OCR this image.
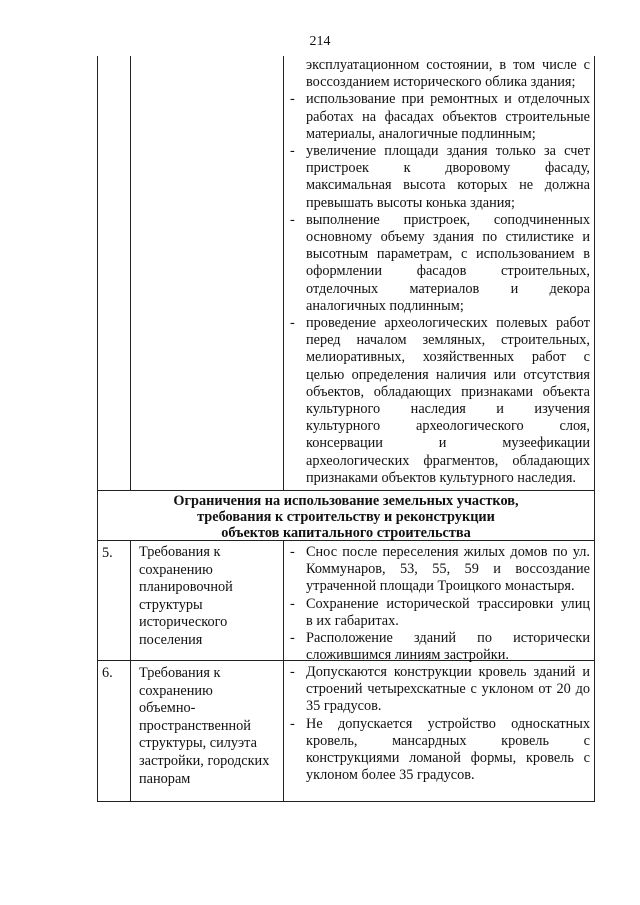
214
эксплуатационном состоянии, в том числе с
воссозданием исторического облика здания;
- использование при ремонтных и отделочных
работах на фасадах объектов строительные
материалы, аналогичные подлинным;
- увеличение площади здания только за счет
пристроек к дворовому фасаду,
максимальная высота которых не должна
превышать высоты конька здания;
- выполнение пристроек, соподчиненных
основному объему здания по стилистике и
высотным параметрам, с использованием в
оформлении фасадов строительных,
отделочных материалов и декора
аналогичных подлинным;
- проведение археологических полевых работ
перед началом земляных, строительных,
мелиоративных, хозяйственных работ с
целью определения наличия или отсутствия
объектов, обладающих признаками объекта
культурного наследия и изучения
культурного археологического слоя,
консервации и музеефикации
археологических фрагментов, обладающих
признаками объектов культурного наследия.
Ограничения на использование земельных участков,
требования к строительству и реконструкции
объектов капитального строительства
5. Требования к
сохранению
планировочной
структуры
исторического
поселения
- Снос после переселения жилых домов по ул.
Коммунаров, 53, 55, 59 и воссоздание
утраченной площади Троицкого монастыря.
- Сохранение исторической трассировки улиц
в их габаритах.
- Расположение зданий по исторически
сложившимся линиям застройки.
6. Требования к
сохранению
объемно-
пространственной
структуры, силуэта
застройки, городских
панорам
- Допускаются конструкции кровель зданий и
строений четырехскатные с уклоном от 20 до
35 градусов.
- Не допускается устройство односкатных
кровель, мансардных кровель с
конструкциями ломаной формы, кровель с
уклоном более 35 градусов.
